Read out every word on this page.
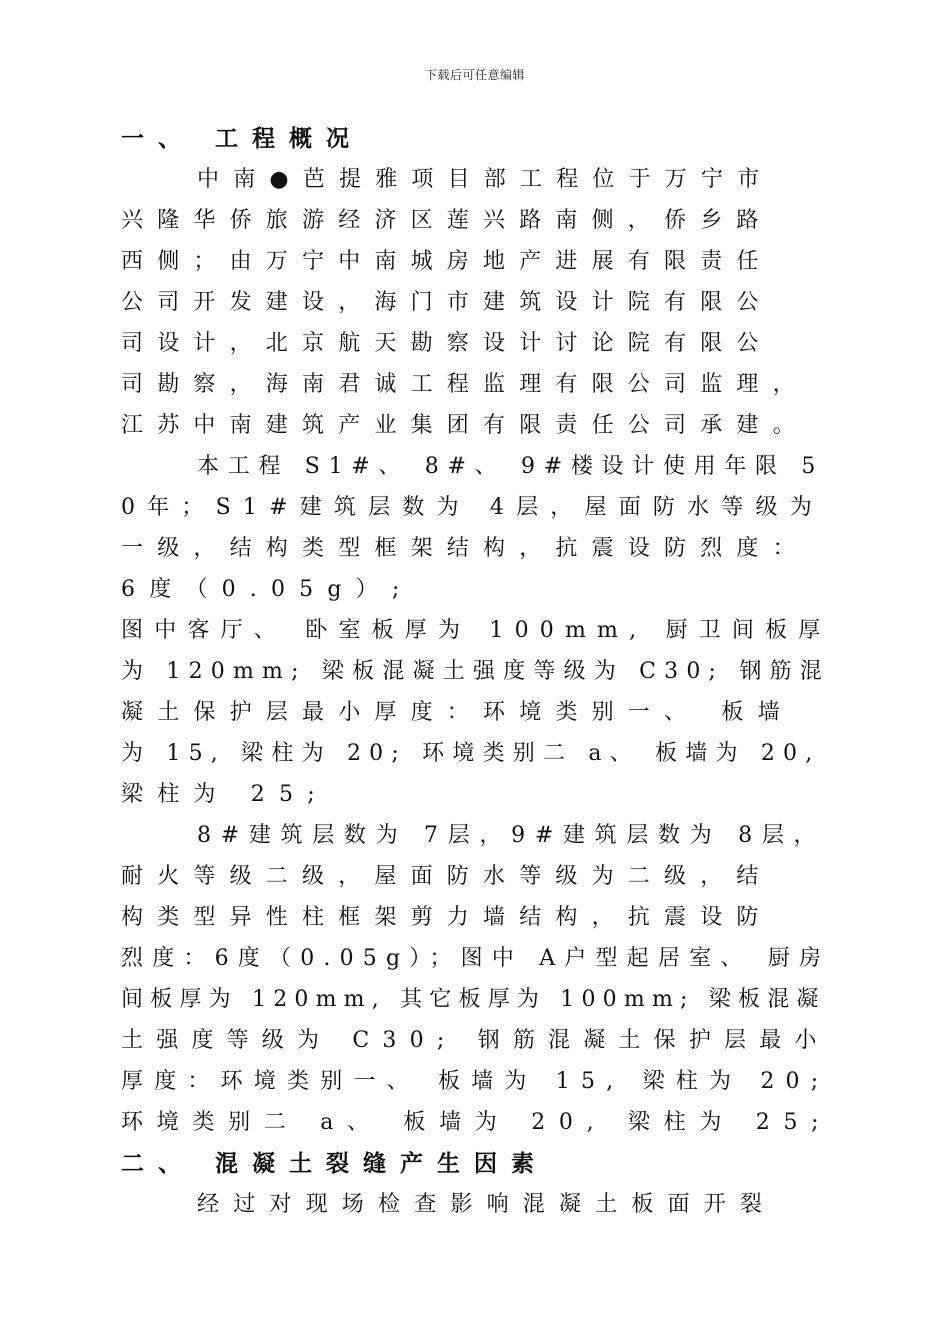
下载后可任意编辑
一、 工程概况
中南●芭提雅项目部工程位于万宁市
兴隆华侨旅游经济区莲兴路南侧，侨乡路
西侧；由万宁中南城房地产进展有限责任
公司开发建设，海门市建筑设计院有限公
司设计，北京航天勘察设计讨论院有限公
司勘察，海南君诚工程监理有限公司监理，
江苏中南建筑产业集团有限责任公司承建。
本工程 S1#、 8#、 9#楼设计使用年限 5
0年；S1#建筑层数为 4层，屋面防水等级为
一级，结构类型框架结构，抗震设防烈度：
6度（0.05g）;
图中客厅、 卧室板厚为 100mm, 厨卫间板厚
为 120mm; 梁板混凝土强度等级为 C30; 钢筋混
凝土保护层最小厚度：环境类别一、 板墙
为 15, 梁柱为 20; 环境类别二 a、 板墙为 20,
梁柱为 25;
8#建筑层数为 7层，9#建筑层数为 8层，
耐火等级二级，屋面防水等级为二级，结
构类型异性柱框架剪力墙结构，抗震设防
烈度：6度（0.05g）；图中 A户型起居室、 厨房
间板厚为 120mm, 其它板厚为 100mm; 梁板混凝
土强度等级为 C30; 钢筋混凝土保护层最小
厚度：环境类别一、 板墙为 15, 梁柱为 20;
环境类别二 a、 板墙为 20, 梁柱为 25;
二、 混凝土裂缝产生因素
经过对现场检查影响混凝土板面开裂
